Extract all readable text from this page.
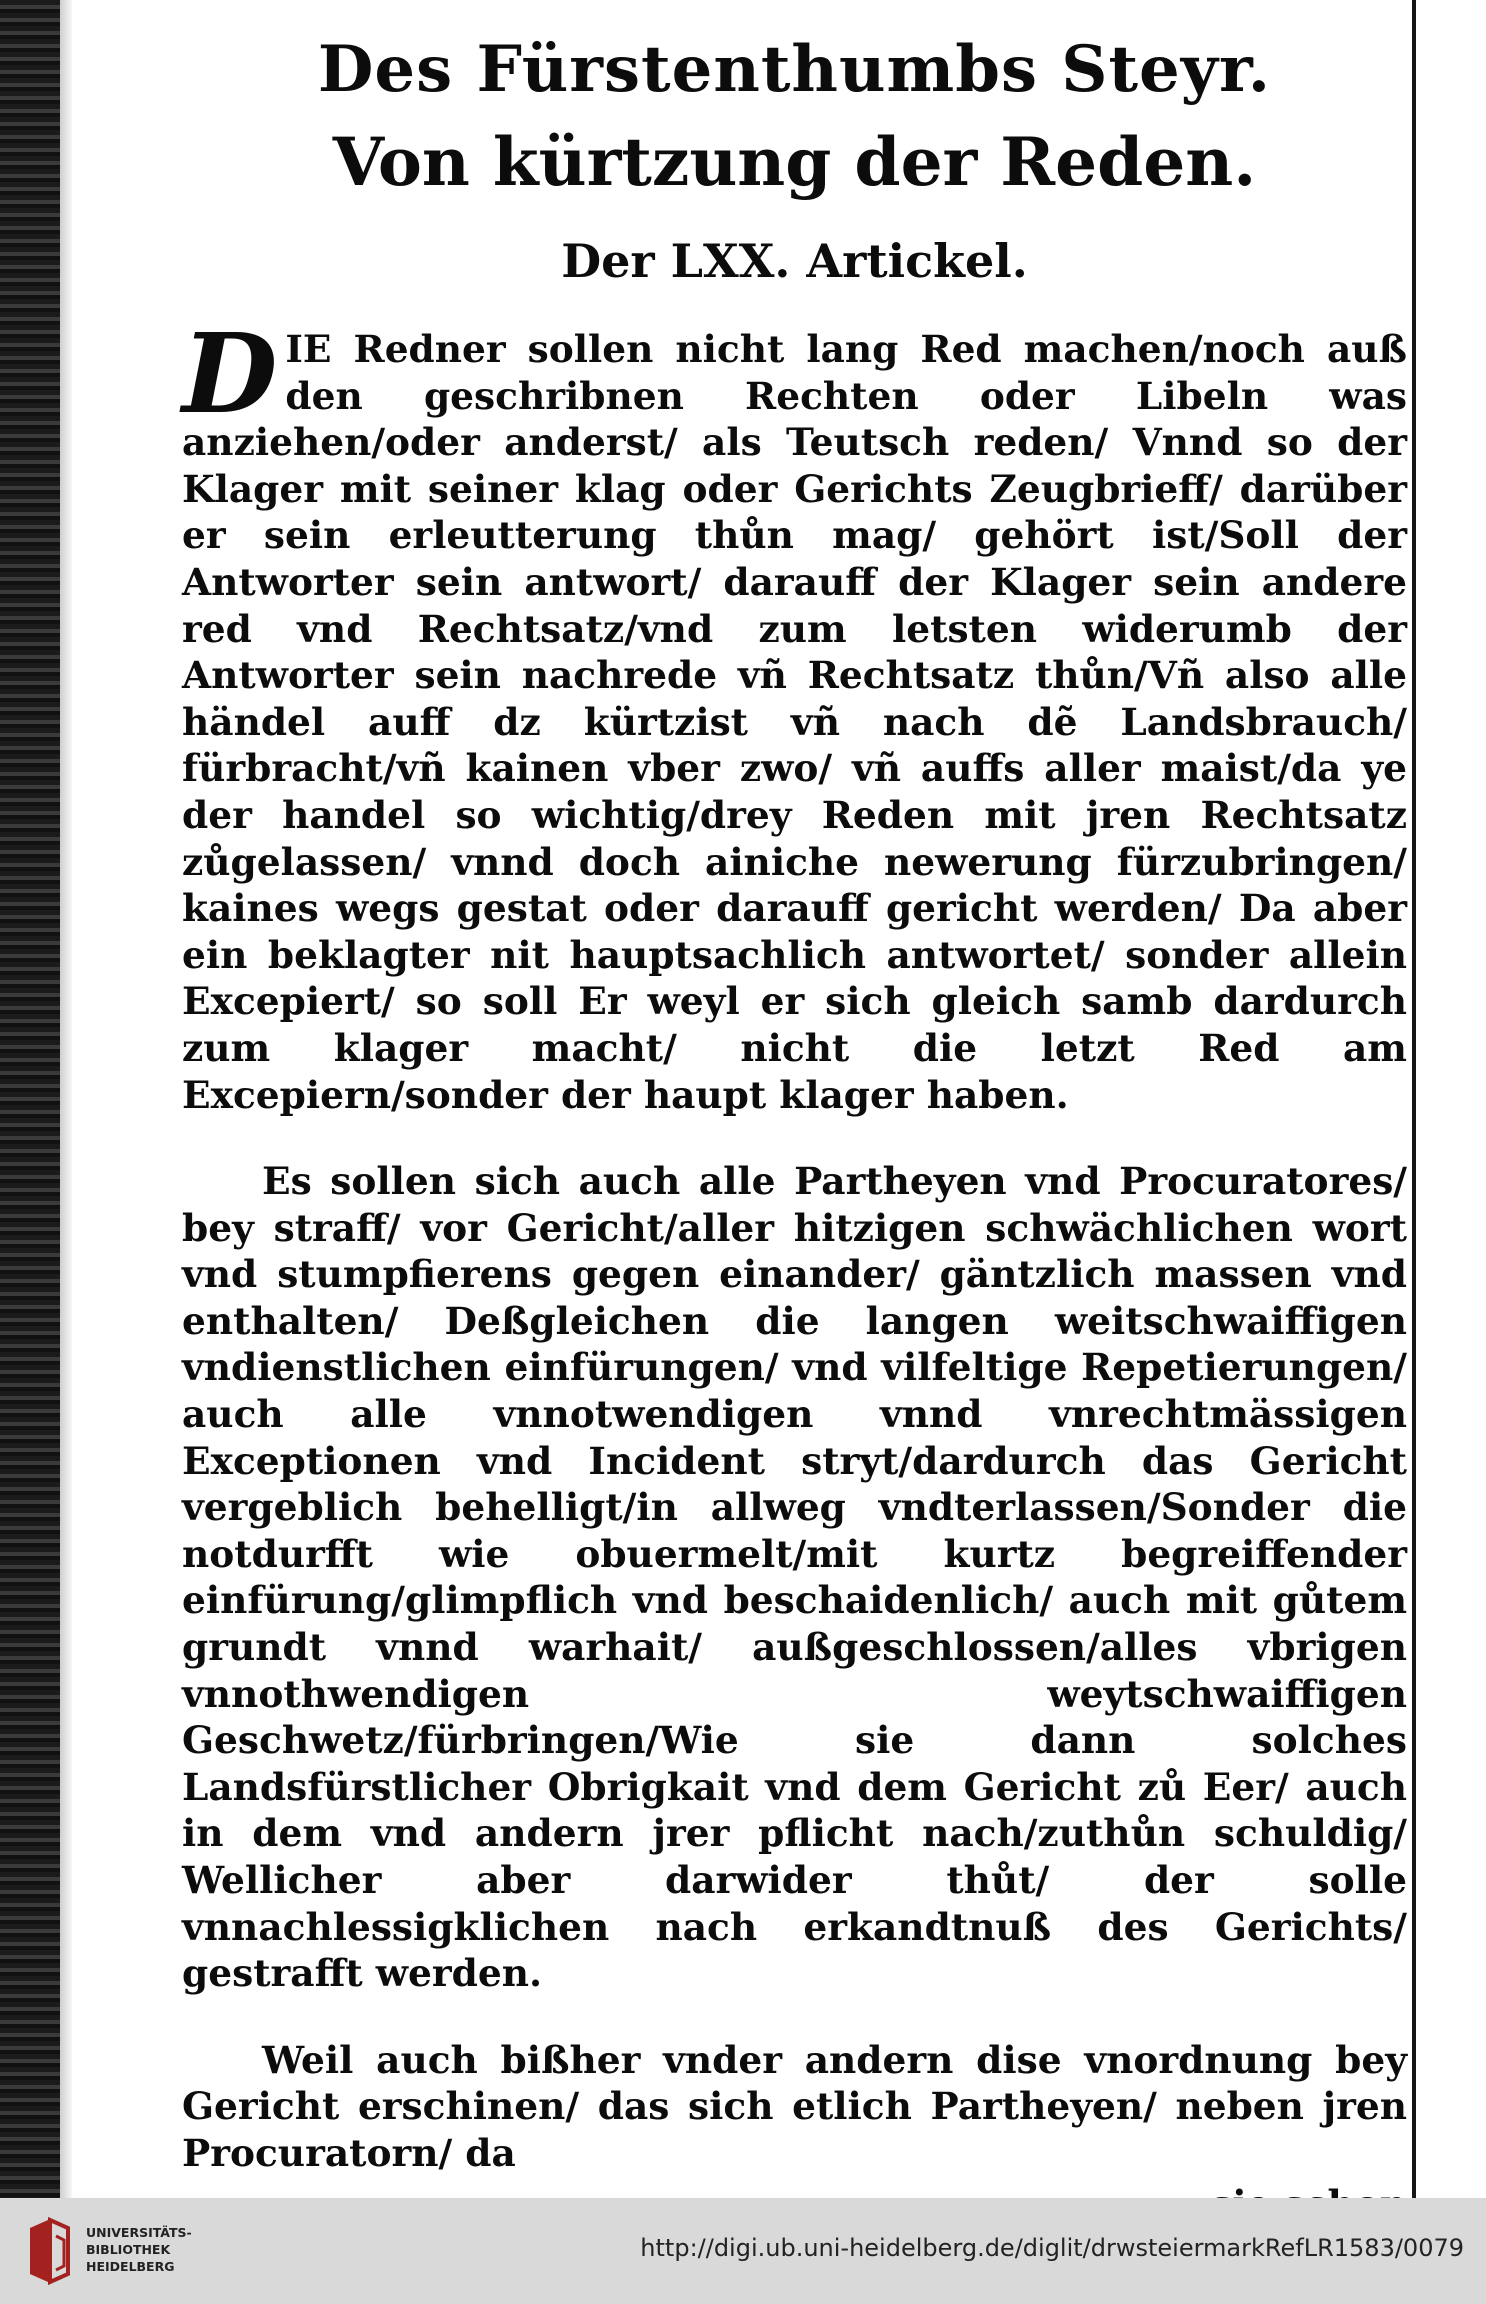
Des Fürstenthumbs Steyr.
Von kürtzung der Reden.
Der LXX. Artickel.

DIE Redner sollen nicht lang Red machen/noch auß den geschribnen Rechten oder Libeln was anziehen/oder anderst/ als Teutsch reden/ Vnnd so der Klager mit seiner klag oder Gerichts Zeugbrieff/ darüber er sein erleutterung thůn mag/ gehört ist/Soll der Antworter sein antwort/ darauff der Klager sein andere red vnd Rechtsatz/vnd zum letsten widerumb der Antworter sein nachrede vñ Rechtsatz thůn/Vñ also alle händel auff dz kürtzist vñ nach dẽ Landsbrauch/ fürbracht/vñ kainen vber zwo/ vñ auffs aller maist/da ye der handel so wichtig/drey Reden mit jren Rechtsatz zůgelassen/ vnnd doch ainiche newerung fürzubringen/ kaines wegs gestat oder darauff gericht werden/ Da aber ein beklagter nit hauptsachlich antwortet/ sonder allein Excepiert/ so soll Er weyl er sich gleich samb dardurch zum klager macht/ nicht die letzt Red am Excepiern/sonder der haupt klager haben.

Es sollen sich auch alle Partheyen vnd Procuratores/ bey straff/ vor Gericht/aller hitzigen schwächlichen wort vnd stumpfierens gegen einander/ gäntzlich massen vnd enthalten/ Deßgleichen die langen weitschwaiffigen vndienstlichen einfürungen/ vnd vilfeltige Repetierungen/ auch alle vnnotwendigen vnnd vnrechtmässigen Exceptionen vnd Incident stryt/dardurch das Gericht vergeblich behelligt/in allweg vndterlassen/Sonder die notdurfft wie obuermelt/mit kurtz begreiffender einfürung/glimpflich vnd beschaidenlich/ auch mit gůtem grundt vnnd warhait/ außgeschlossen/alles vbrigen vnnothwendigen weytschwaiffigen Geschwetz/fürbringen/Wie sie dann solches Landsfürstlicher Obrigkait vnd dem Gericht zů Eer/ auch in dem vnd andern jrer pflicht nach/zuthůn schuldig/ Wellicher aber darwider thůt/ der solle vnnachlessigklichen nach erkandtnuß des Gerichts/ gestrafft werden.

Weil auch bißher vnder andern dise vnordnung bey Gericht erschinen/ das sich etlich Partheyen/ neben jren Procuratorn/ da

UNIVERSITÄTS-
BIBLIOTHEK
HEIDELBERG
http://digi.ub.uni-heidelberg.de/diglit/drwsteiermarkRefLR1583/0079
